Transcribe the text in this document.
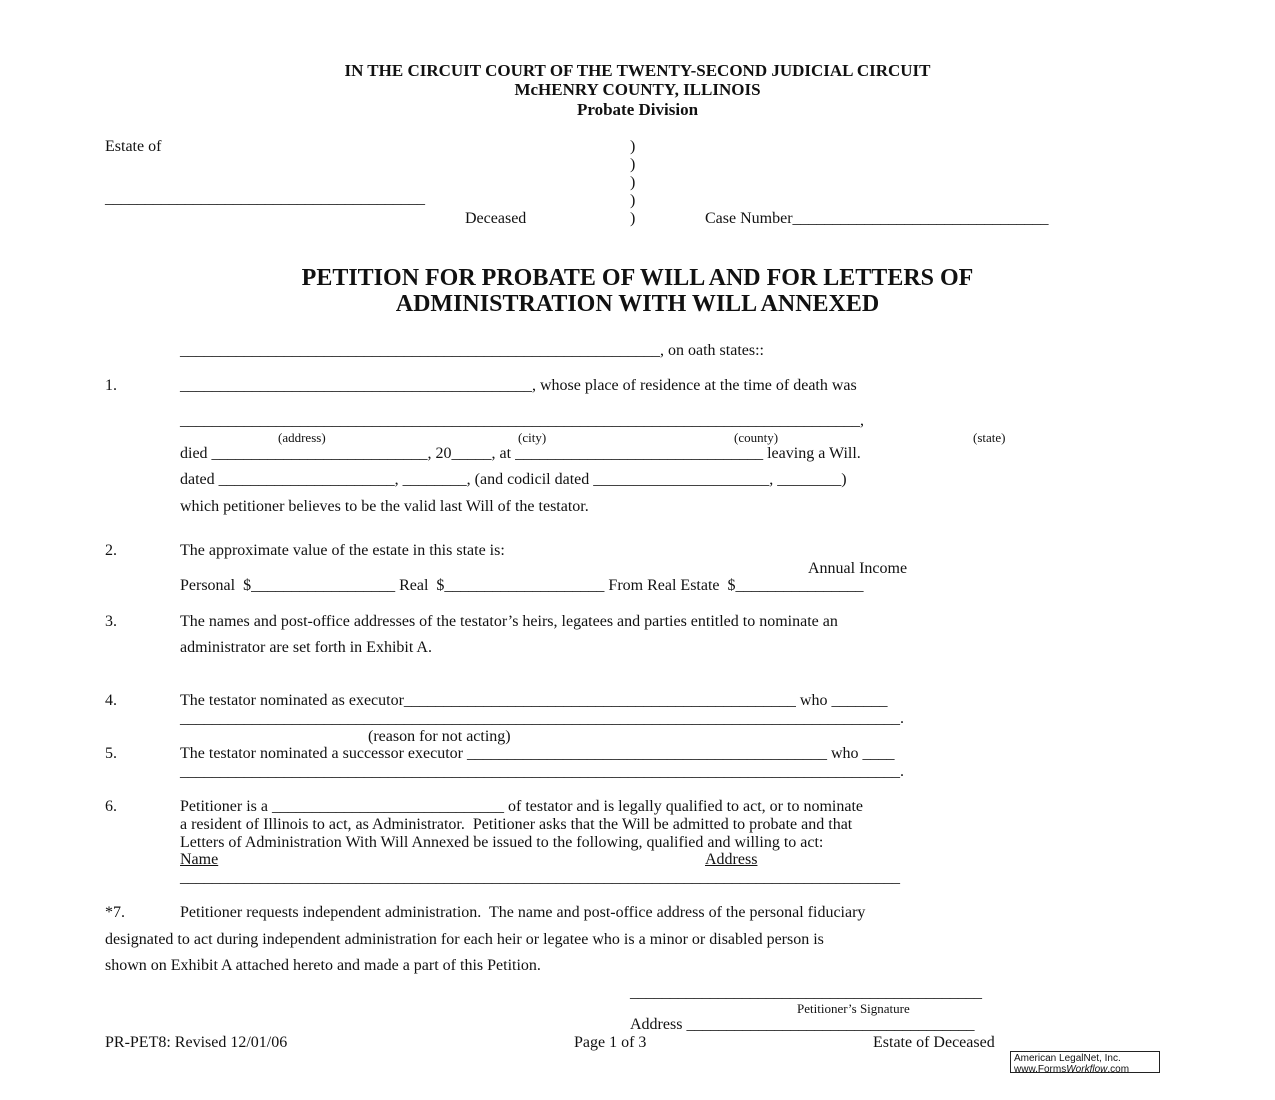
IN THE CIRCUIT COURT OF THE TWENTY-SECOND JUDICIAL CIRCUIT
McHENRY COUNTY, ILLINOIS
Probate Division
Estate of	)
)
)
)
)
________________________________________
Deceased	Case Number________________________________
PETITION FOR PROBATE OF WILL AND FOR LETTERS OF
ADMINISTRATION WITH WILL ANNEXED
____________________________________________________________, on oath states::
1.	____________________________________________, whose place of residence at the time of death was
_____________________________________________________________________________________,
(address)	(city)	(county)	(state)
died ___________________________, 20_____, at _______________________________ leaving a Will.
dated ______________________, ________, (and codicil dated ______________________, ________)
which petitioner believes to be the valid last Will of the testator.
2.	The approximate value of the estate in this state is:
Annual Income
Personal  $__________________ Real  $____________________ From Real Estate  $________________
3.	The names and post-office addresses of the testator’s heirs, legatees and parties entitled to nominate an
administrator are set forth in Exhibit A.
4.	The testator nominated as executor_________________________________________________ who _______
__________________________________________________________________________________________.
(reason for not acting)
5.	The testator nominated a successor executor _____________________________________________ who ____
__________________________________________________________________________________________.
6.	Petitioner is a _____________________________ of testator and is legally qualified to act, or to nominate
a resident of Illinois to act, as Administrator.  Petitioner asks that the Will be admitted to probate and that
Letters of Administration With Will Annexed be issued to the following, qualified and willing to act:
Name	Address
__________________________________________________________________________________________
*7.	Petitioner requests independent administration.  The name and post-office address of the personal fiduciary
designated to act during independent administration for each heir or legatee who is a minor or disabled person is
shown on Exhibit A attached hereto and made a part of this Petition.
____________________________________________
Petitioner’s Signature
Address ____________________________________
PR-PET8: Revised 12/01/06	Page 1 of 3	Estate of Deceased
American LegalNet, Inc.
www.FormsWorkflow.com
